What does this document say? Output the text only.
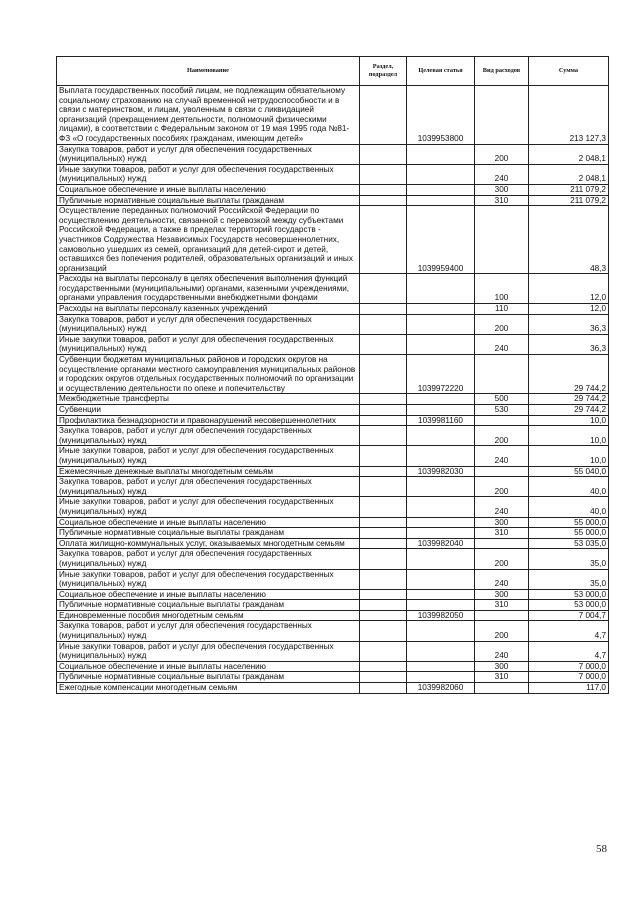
Наименование	Раздел, подраздел	Целевая статья	Вид расходов	Сумма
Выплата государственных пособий лицам, не подлежащим обязательному социальному страхованию на случай временной нетрудоспособности и в связи с материнством, и лицам, уволенным в связи с ликвидацией организаций (прекращением деятельности, полномочий физическими лицами), в соответствии с Федеральным законом от 19 мая 1995 года №81-ФЗ «О государственных пособиях гражданам, имеющим детей»		1039953800		213 127,3
Закупка товаров, работ и услуг для обеспечения государственных (муниципальных) нужд			200	2 048,1
Иные закупки товаров, работ и услуг для обеспечения государственных (муниципальных) нужд			240	2 048,1
Социальное обеспечение и иные выплаты населению			300	211 079,2
Публичные нормативные социальные выплаты гражданам			310	211 079,2
Осуществление переданных полномочий Российской Федерации по осуществлению деятельности, связанной с перевозкой между субъектами Российской Федерации, а также в пределах территорий государств - участников Содружества Независимых Государств несовершеннолетних, самовольно ушедших из семей, организаций для детей-сирот и детей, оставшихся без попечения родителей, образовательных организаций и иных организаций		1039959400		48,3
Расходы на выплаты персоналу в целях обеспечения выполнения функций государственными (муниципальными) органами, казенными учреждениями, органами управления государственными внебюджетными фондами			100	12,0
Расходы на выплаты персоналу казенных учреждений			110	12,0
Закупка товаров, работ и услуг для обеспечения государственных (муниципальных) нужд			200	36,3
Иные закупки товаров, работ и услуг для обеспечения государственных (муниципальных) нужд			240	36,3
Субвенции бюджетам муниципальных районов и городских округов на осуществление органами местного самоуправления муниципальных районов и городских округов отдельных государственных полномочий по организации и осуществлению деятельности по опеке и попечительству		1039972220		29 744,2
Межбюджетные трансферты			500	29 744,2
Субвенции			530	29 744,2
Профилактика безнадзорности и правонарушений несовершеннолетних		1039981160		10,0
Закупка товаров, работ и услуг для обеспечения государственных (муниципальных) нужд			200	10,0
Иные закупки товаров, работ и услуг для обеспечения государственных (муниципальных) нужд			240	10,0
Ежемесячные денежные выплаты многодетным семьям		1039982030		55 040,0
Закупка товаров, работ и услуг для обеспечения государственных (муниципальных) нужд			200	40,0
Иные закупки товаров, работ и услуг для обеспечения государственных (муниципальных) нужд			240	40,0
Социальное обеспечение и иные выплаты населению			300	55 000,0
Публичные нормативные социальные выплаты гражданам			310	55 000,0
Оплата жилищно-коммунальных услуг, оказываемых многодетным семьям		1039982040		53 035,0
Закупка товаров, работ и услуг для обеспечения государственных (муниципальных) нужд			200	35,0
Иные закупки товаров, работ и услуг для обеспечения государственных (муниципальных) нужд			240	35,0
Социальное обеспечение и иные выплаты населению			300	53 000,0
Публичные нормативные социальные выплаты гражданам			310	53 000,0
Единовременные пособия многодетным семьям		1039982050		7 004,7
Закупка товаров, работ и услуг для обеспечения государственных (муниципальных) нужд			200	4,7
Иные закупки товаров, работ и услуг для обеспечения государственных (муниципальных) нужд			240	4,7
Социальное обеспечение и иные выплаты населению			300	7 000,0
Публичные нормативные социальные выплаты гражданам			310	7 000,0
Ежегодные компенсации многодетным семьям		1039982060		117,0
58
